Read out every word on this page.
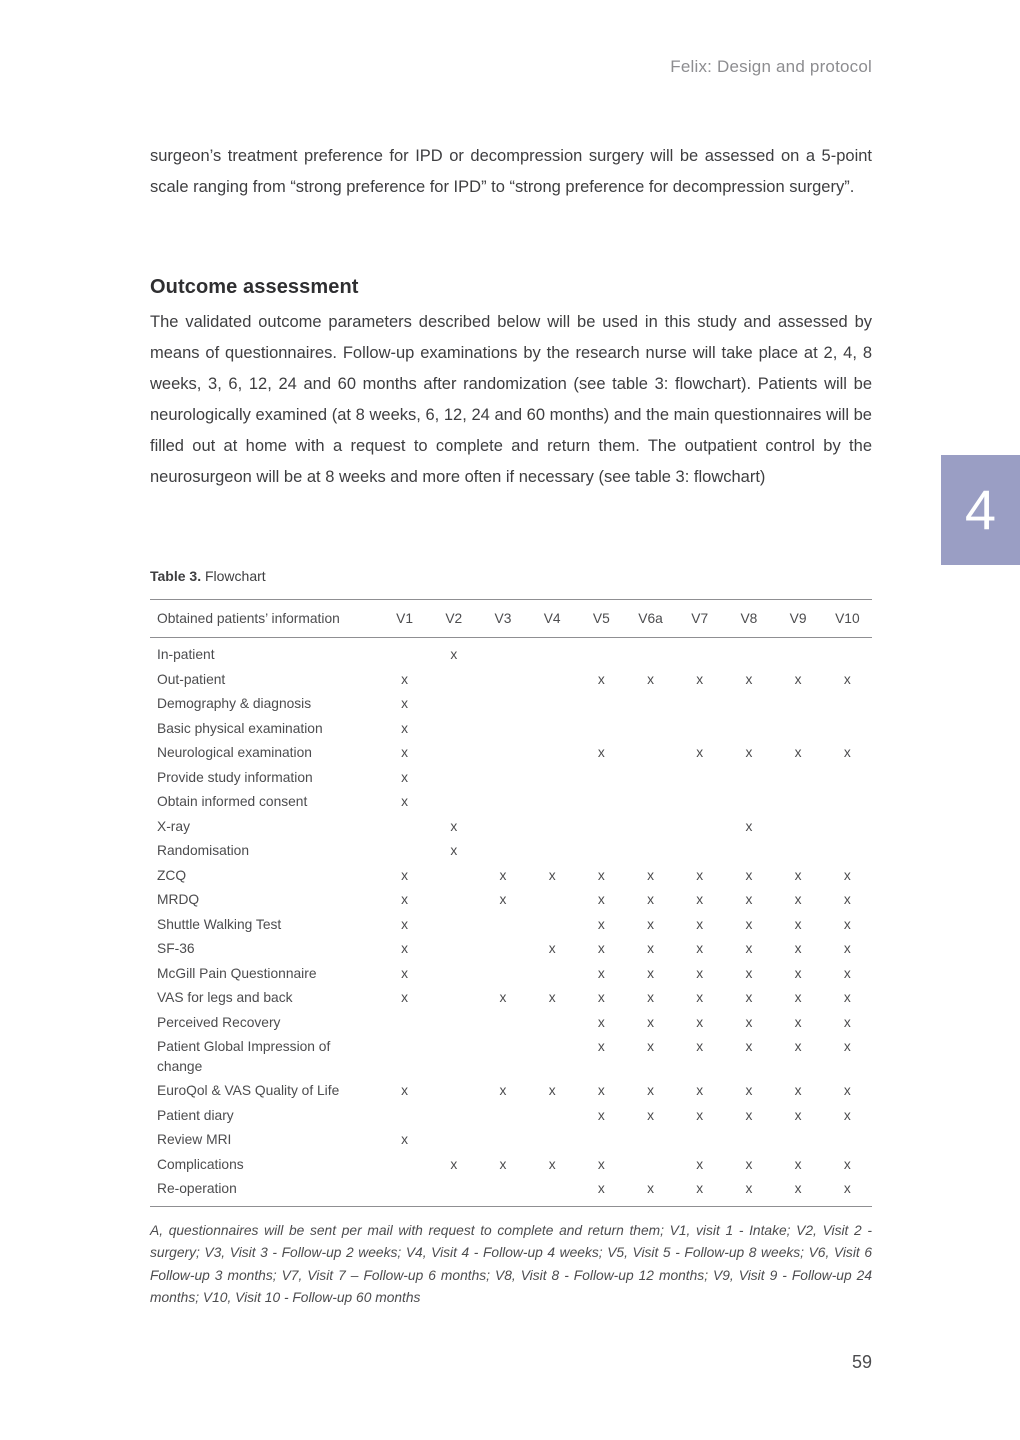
Felix: Design and protocol

surgeon’s treatment preference for IPD or decompression surgery will be assessed on a 5-point scale ranging from “strong preference for IPD” to “strong preference for decompression surgery”.

Outcome assessment

The validated outcome parameters described below will be used in this study and assessed by means of questionnaires. Follow-up examinations by the research nurse will take place at 2, 4, 8 weeks, 3, 6, 12, 24 and 60 months after randomization (see table 3: flowchart). Patients will be neurologically examined (at 8 weeks, 6, 12, 24 and 60 months) and the main questionnaires will be filled out at home with a request to complete and return them. The outpatient control by the neurosurgeon will be at 8 weeks and more often if necessary (see table 3: flowchart)

4

Table 3. Flowchart

Obtained patients’ information	V1	V2	V3	V4	V5	V6a	V7	V8	V9	V10
In-patient		x								
Out-patient	x				x	x	x	x	x	x
Demography & diagnosis	x									
Basic physical examination	x									
Neurological examination	x				x		x	x	x	x
Provide study information	x									
Obtain informed consent	x									
X-ray		x						x		
Randomisation		x								
ZCQ	x		x	x	x	x	x	x	x	x
MRDQ	x		x		x	x	x	x	x	x
Shuttle Walking Test	x				x	x	x	x	x	x
SF-36	x			x	x	x	x	x	x	x
McGill Pain Questionnaire	x				x	x	x	x	x	x
VAS for legs and back	x		x	x	x	x	x	x	x	x
Perceived Recovery					x	x	x	x	x	x
Patient Global Impression of change					x	x	x	x	x	x
EuroQol & VAS Quality of Life	x		x	x	x	x	x	x	x	x
Patient diary					x	x	x	x	x	x
Review MRI	x									
Complications		x	x	x	x		x	x	x	x
Re-operation					x	x	x	x	x	x

A, questionnaires will be sent per mail with request to complete and return them; V1, visit 1 - Intake; V2, Visit 2 - surgery; V3, Visit 3 - Follow-up 2 weeks; V4, Visit 4 - Follow-up 4 weeks; V5, Visit 5 - Follow-up 8 weeks; V6, Visit 6 Follow-up 3 months; V7, Visit 7 – Follow-up 6 months; V8, Visit 8 - Follow-up 12 months; V9, Visit 9 - Follow-up 24 months; V10, Visit 10 - Follow-up 60 months

59
